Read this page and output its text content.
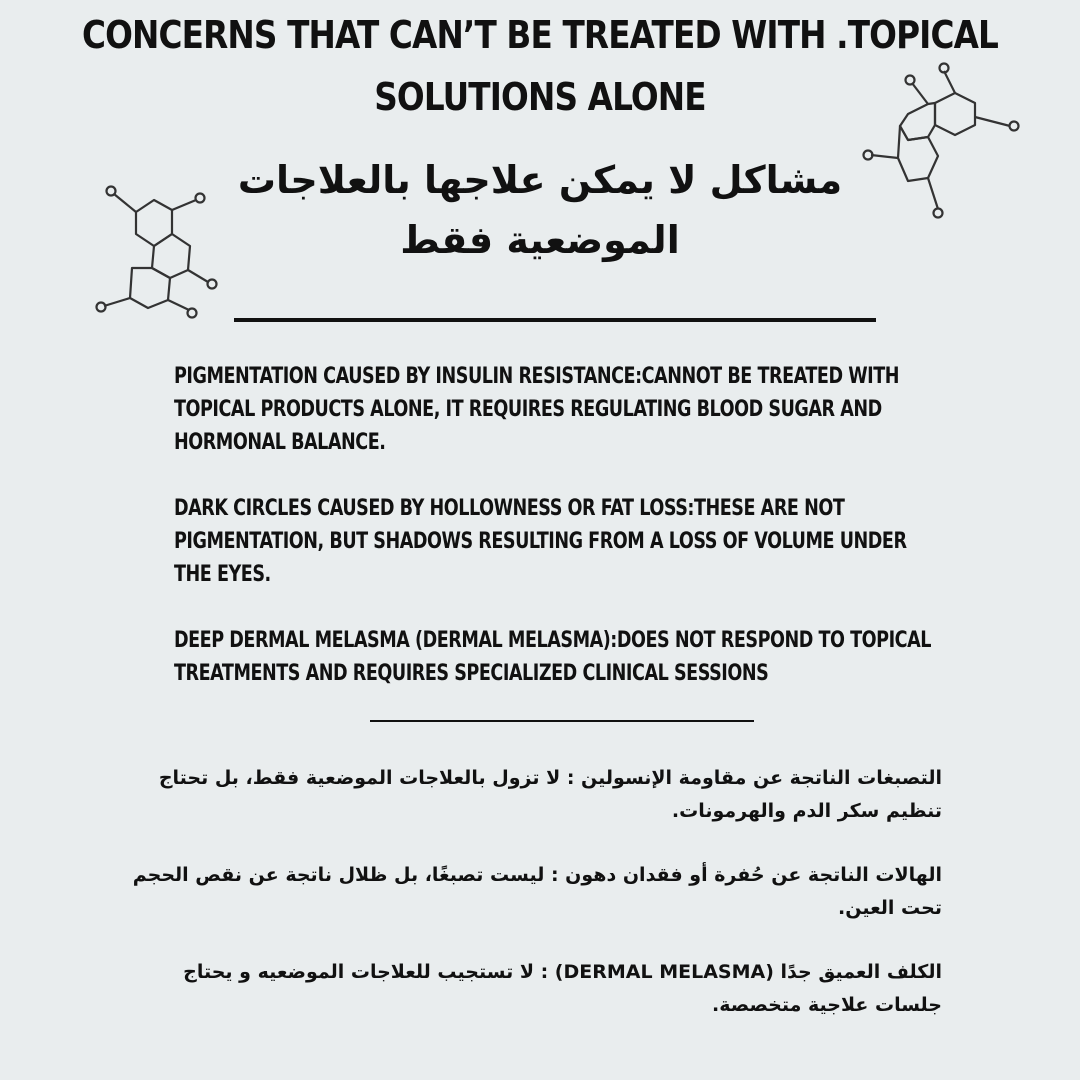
CONCERNS THAT CAN’T BE TREATED WITH .TOPICAL SOLUTIONS ALONE
مشاكل لا يمكن علاجها بالعلاجات الموضعية فقط

PIGMENTATION CAUSED BY INSULIN RESISTANCE:CANNOT BE TREATED WITH TOPICAL PRODUCTS ALONE, IT REQUIRES REGULATING BLOOD SUGAR AND HORMONAL BALANCE.

DARK CIRCLES CAUSED BY HOLLOWNESS OR FAT LOSS:THESE ARE NOT PIGMENTATION, BUT SHADOWS RESULTING FROM A LOSS OF VOLUME UNDER THE EYES.

DEEP DERMAL MELASMA (DERMAL MELASMA):DOES NOT RESPOND TO TOPICAL TREATMENTS AND REQUIRES SPECIALIZED CLINICAL SESSIONS

التصبغات الناتجة عن مقاومة الإنسولين : لا تزول بالعلاجات الموضعية فقط، بل تحتاج تنظيم سكر الدم والهرمونات.

الهالات الناتجة عن حُفرة أو فقدان دهون : ليست تصبغًا، بل ظلال ناتجة عن نقص الحجم تحت العين.

الكلف العميق جدًا (DERMAL MELASMA) : لا تستجيب للعلاجات الموضعيه و يحتاج جلسات علاجية متخصصة.
